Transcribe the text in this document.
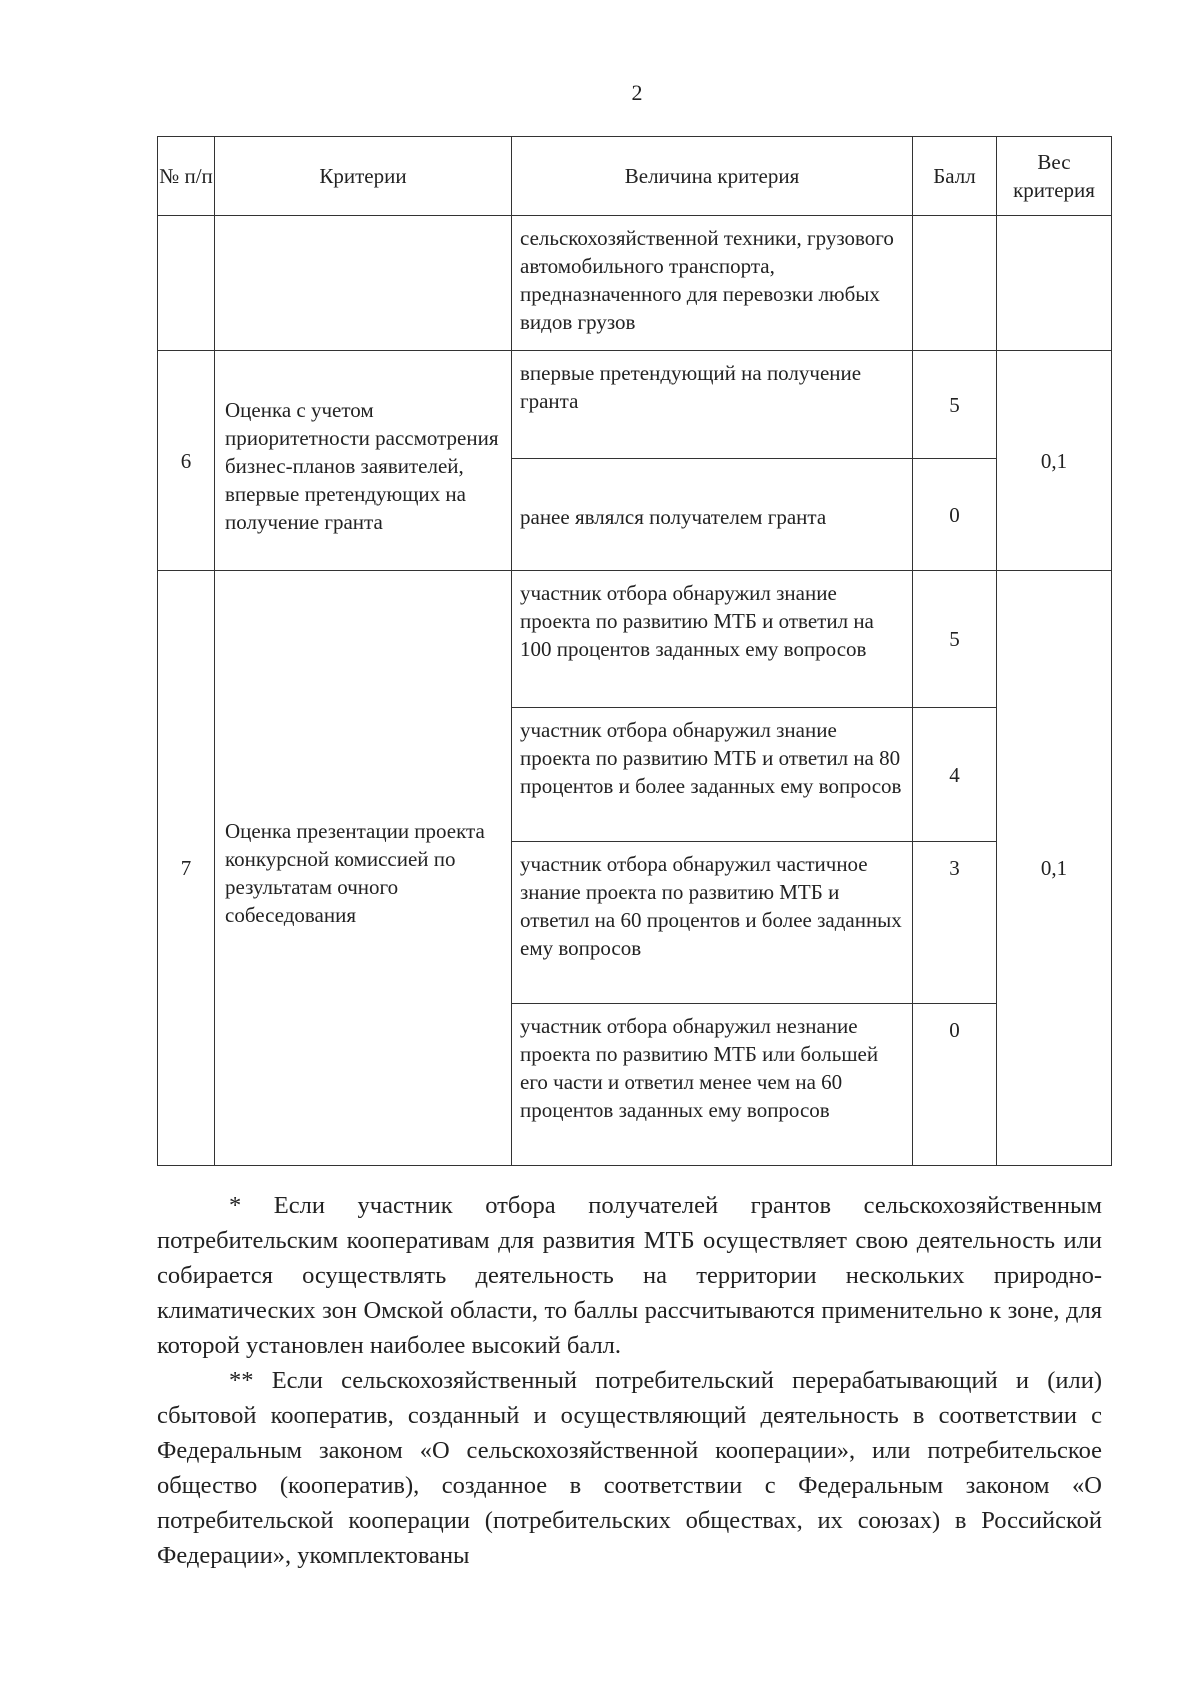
2
№ п/п	Критерии	Величина критерия	Балл	Вес критерия
		сельскохозяйственной техники, грузового автомобильного транспорта, предназначенного для перевозки любых видов грузов		
6	Оценка с учетом приоритетности рассмотрения бизнес-планов заявителей, впервые претендующих на получение гранта	впервые претендующий на получение гранта	5	0,1
		ранее являлся получателем гранта	0	
7	Оценка презентации проекта конкурсной комиссией по результатам очного собеседования	участник отбора обнаружил знание проекта по развитию МТБ и ответил на 100 процентов заданных ему вопросов	5	0,1
		участник отбора обнаружил знание проекта по развитию МТБ и ответил на 80 процентов и более заданных ему вопросов	4	
		участник отбора обнаружил частичное знание проекта по развитию МТБ и ответил на 60 процентов и более заданных ему вопросов	3	
		участник отбора обнаружил незнание проекта по развитию МТБ или большей его части и ответил менее чем на 60 процентов заданных ему вопросов	0	

* Если участник отбора получателей грантов сельскохозяйственным потребительским кооперативам для развития МТБ осуществляет свою деятельность или собирается осуществлять деятельность на территории нескольких природно-климатических зон Омской области, то баллы рассчитываются применительно к зоне, для которой установлен наиболее высокий балл.

** Если сельскохозяйственный потребительский перерабатывающий и (или) сбытовой кооператив, созданный и осуществляющий деятельность в соответствии с Федеральным законом «О сельскохозяйственной кооперации», или потребительское общество (кооператив), созданное в соответствии с Федеральным законом «О потребительской кооперации (потребительских обществах, их союзах) в Российской Федерации», укомплектованы
